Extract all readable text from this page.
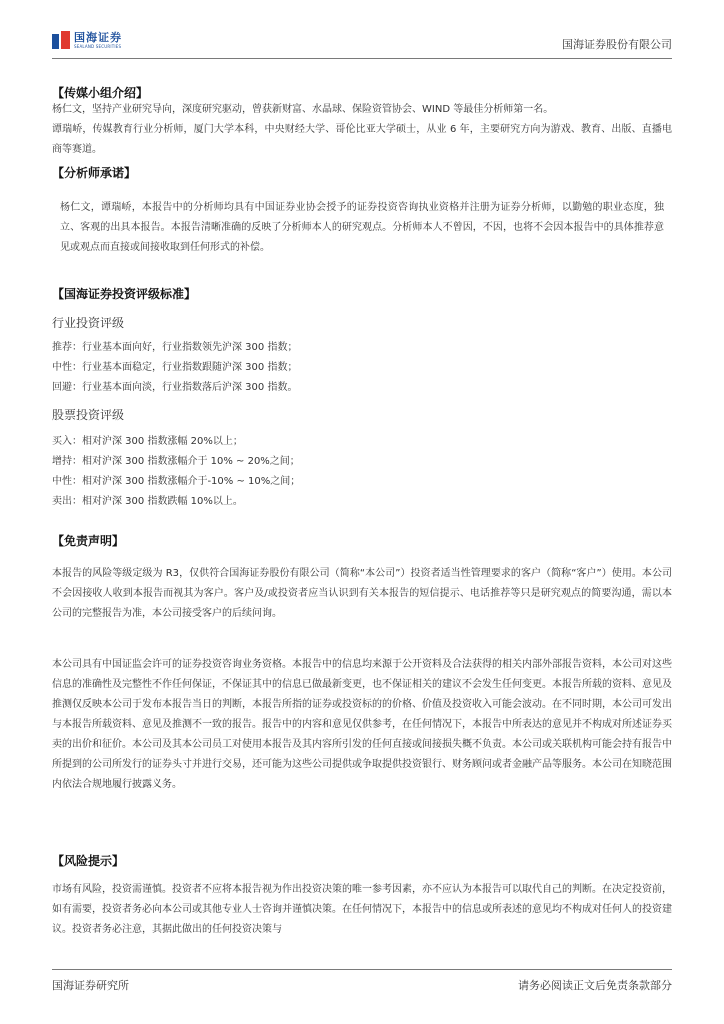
国海证券
SEALAND SECURITIES	国海证券股份有限公司
【传媒小组介绍】

杨仁文，坚持产业研究导向，深度研究驱动，曾获新财富、水晶球、保险资管协会、WIND 等最佳分析师第一名。

谭瑞峤，传媒教育行业分析师，厦门大学本科，中央财经大学、哥伦比亚大学硕士，从业 6 年，主要研究方向为游戏、教育、出版、直播电商等赛道。

【分析师承诺】

杨仁文，谭瑞峤，本报告中的分析师均具有中国证券业协会授予的证券投资咨询执业资格并注册为证券分析师，以勤勉的职业态度，独立、客观的出具本报告。本报告清晰准确的反映了分析师本人的研究观点。分析师本人不曾因，不因，也将不会因本报告中的具体推荐意见或观点而直接或间接收取到任何形式的补偿。

【国海证券投资评级标准】
行业投资评级
推荐：行业基本面向好，行业指数领先沪深 300 指数；
中性：行业基本面稳定，行业指数跟随沪深 300 指数；
回避：行业基本面向淡，行业指数落后沪深 300 指数。
股票投资评级
买入：相对沪深 300 指数涨幅 20%以上；
增持：相对沪深 300 指数涨幅介于 10% ~ 20%之间；
中性：相对沪深 300 指数涨幅介于-10% ~ 10%之间；
卖出：相对沪深 300 指数跌幅 10%以上。
【免责声明】

本报告的风险等级定级为 R3，仅供符合国海证券股份有限公司（简称“本公司”）投资者适当性管理要求的客户（简称“客户”）使用。本公司不会因接收人收到本报告而视其为客户。客户及/或投资者应当认识到有关本报告的短信提示、电话推荐等只是研究观点的简要沟通，需以本公司的完整报告为准，本公司接受客户的后续问询。

本公司具有中国证监会许可的证券投资咨询业务资格。本报告中的信息均来源于公开资料及合法获得的相关内部外部报告资料，本公司对这些信息的准确性及完整性不作任何保证，不保证其中的信息已做最新变更，也不保证相关的建议不会发生任何变更。本报告所载的资料、意见及推测仅反映本公司于发布本报告当日的判断，本报告所指的证券或投资标的的价格、价值及投资收入可能会波动。在不同时期，本公司可发出与本报告所载资料、意见及推测不一致的报告。报告中的内容和意见仅供参考，在任何情况下，本报告中所表达的意见并不构成对所述证券买卖的出价和征价。本公司及其本公司员工对使用本报告及其内容所引发的任何直接或间接损失概不负责。本公司或关联机构可能会持有报告中所提到的公司所发行的证券头寸并进行交易，还可能为这些公司提供或争取提供投资银行、财务顾问或者金融产品等服务。本公司在知晓范围内依法合规地履行披露义务。

【风险提示】

市场有风险，投资需谨慎。投资者不应将本报告视为作出投资决策的唯一参考因素，亦不应认为本报告可以取代自己的判断。在决定投资前，如有需要，投资者务必向本公司或其他专业人士咨询并谨慎决策。在任何情况下，本报告中的信息或所表述的意见均不构成对任何人的投资建议。投资者务必注意，其据此做出的任何投资决策与

国海证券研究所	请务必阅读正文后免责条款部分
